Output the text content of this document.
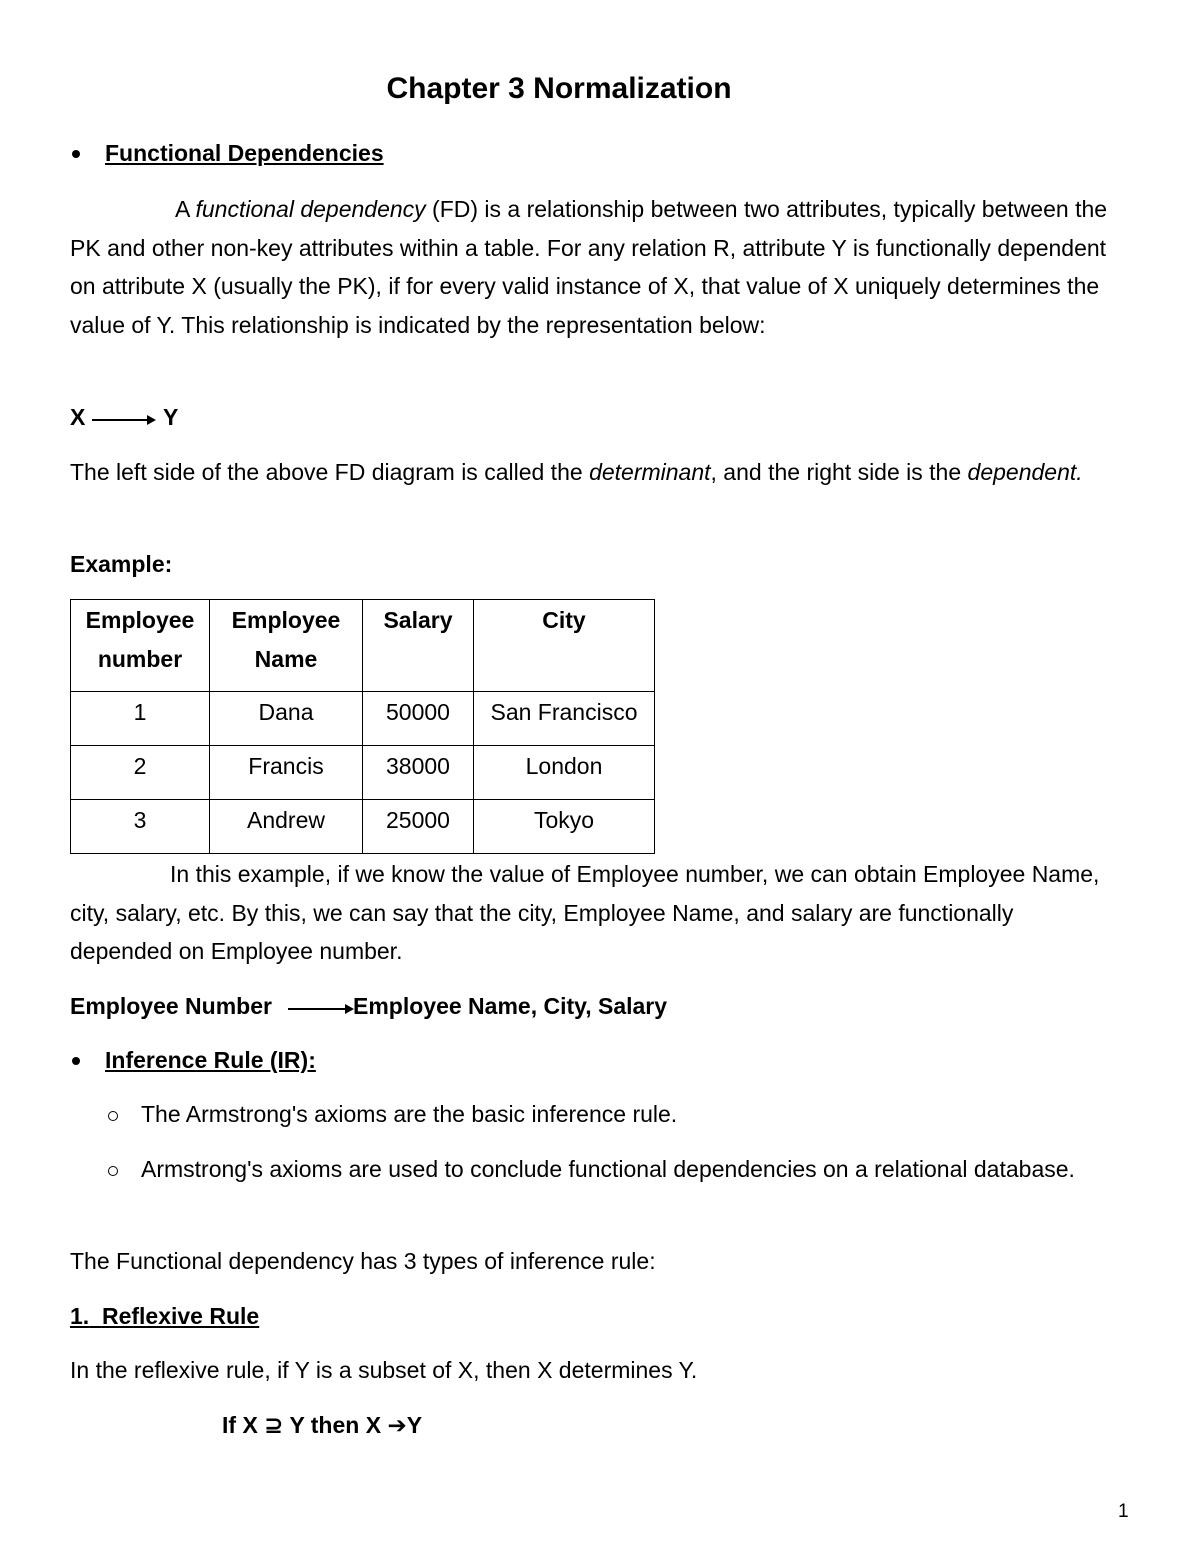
Chapter 3 Normalization
Functional Dependencies
A functional dependency (FD) is a relationship between two attributes, typically between the PK and other non-key attributes within a table. For any relation R, attribute Y is functionally dependent on attribute X (usually the PK), if for every valid instance of X, that value of X uniquely determines the value of Y. This relationship is indicated by the representation below:
X	Y
The left side of the above FD diagram is called the determinant, and the right side is the dependent.
Example:
Employee number	Employee Name	Salary	City
1	Dana	50000	San Francisco
2	Francis	38000	London
3	Andrew	25000	Tokyo
In this example, if we know the value of Employee number, we can obtain Employee Name, city, salary, etc. By this, we can say that the city, Employee Name, and salary are functionally depended on Employee number.
Employee Number	Employee Name, City, Salary
Inference Rule (IR):
The Armstrong's axioms are the basic inference rule.
Armstrong's axioms are used to conclude functional dependencies on a relational database.
The Functional dependency has 3 types of inference rule:
1. Reflexive Rule
In the reflexive rule, if Y is a subset of X, then X determines Y.
If X ⊇ Y then X ➔Y
1
